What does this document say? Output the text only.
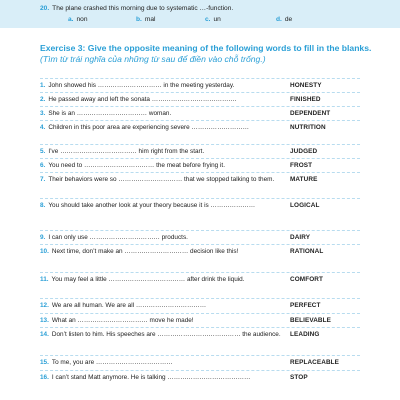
20. The plane crashed this morning due to systematic …-function.
a. non	b. mal	c. un	d. de
Exercise 3: Give the opposite meaning of the following words to fill in the blanks. (Tìm từ trái nghĩa của những từ sau để điền vào chỗ trống.)
1. John showed his ………………………… in the meeting yesterday.	HONESTY
2. He passed away and left the sonata ………………………………….	FINISHED
3. She is an …………………………… woman.	DEPENDENT
4. Children in this poor area are experiencing severe ………………………	NUTRITION
5. I’ve ……………………………… him right from the start.	JUDGED
6. You need to …………………………… the meat before frying it.	FROST
7. Their behaviors were so ………………………… that we stopped talking to them.	MATURE
8. You should take another look at your theory because it is …………………	LOGICAL
9. I can only use …………………………… products.	DAIRY
10. Next time, don’t make an ………………………… decision like this!	RATIONAL
11. You may feel a little ……………………………… after drink the liquid.	COMFORT
12. We are all human. We are all ……………………………	PERFECT
13. What an …………………………… move he made!	BELIEVABLE
14. Don’t listen to him. His speeches are ………………………………… the audience.	LEADING
15. To me, you are ………………………………	REPLACEABLE
16. I can’t stand Matt anymore. He is talking …………………………………	STOP
